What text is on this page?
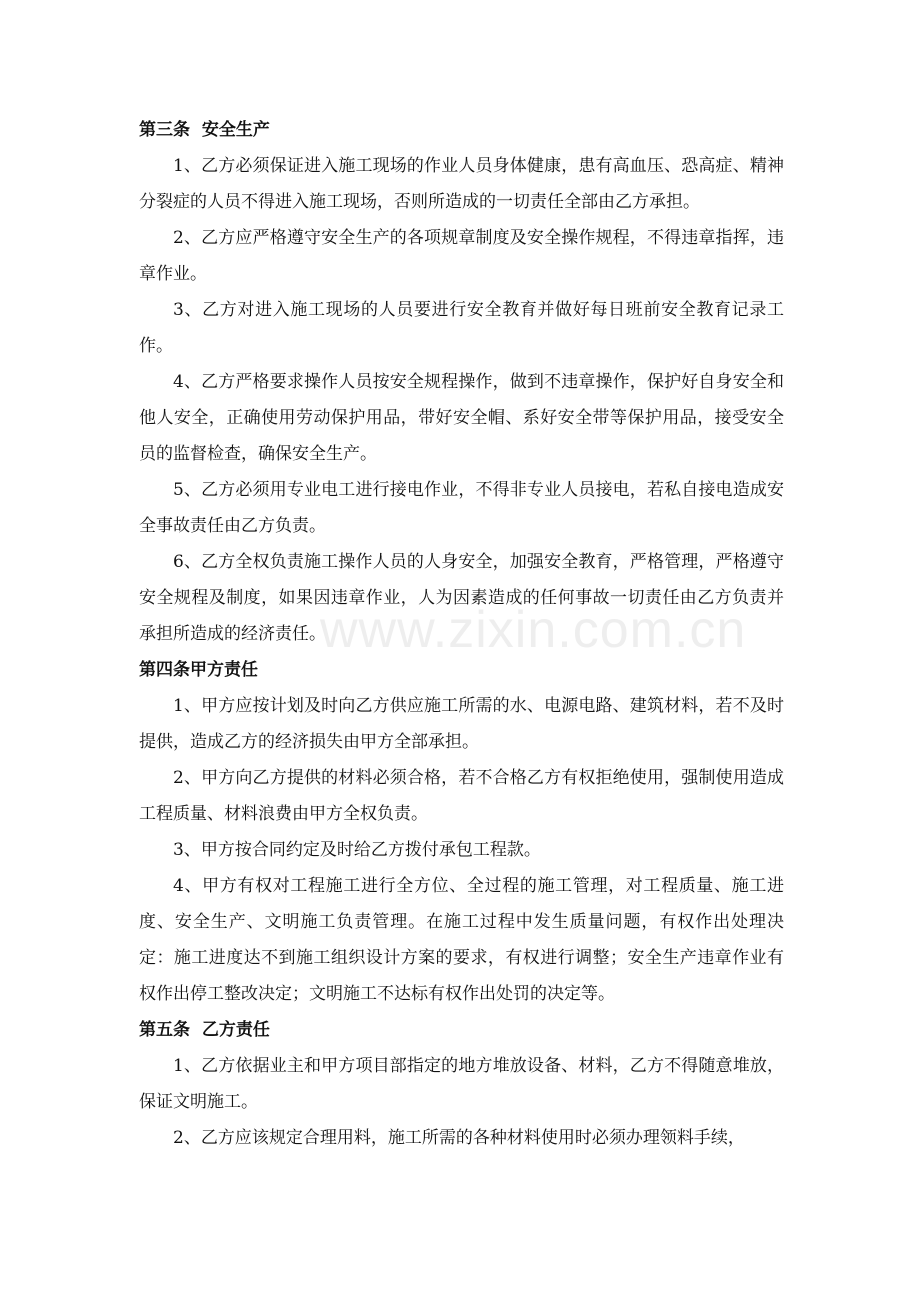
第三条  安全生产

1、乙方必须保证进入施工现场的作业人员身体健康，患有高血压、恐高症、精神分裂症的人员不得进入施工现场，否则所造成的一切责任全部由乙方承担。

2、乙方应严格遵守安全生产的各项规章制度及安全操作规程，不得违章指挥，违章作业。

3、乙方对进入施工现场的人员要进行安全教育并做好每日班前安全教育记录工作。

4、乙方严格要求操作人员按安全规程操作，做到不违章操作，保护好自身安全和他人安全，正确使用劳动保护用品，带好安全帽、系好安全带等保护用品，接受安全员的监督检查，确保安全生产。

5、乙方必须用专业电工进行接电作业，不得非专业人员接电，若私自接电造成安全事故责任由乙方负责。

6、乙方全权负责施工操作人员的人身安全，加强安全教育，严格管理，严格遵守安全规程及制度，如果因违章作业，人为因素造成的任何事故一切责任由乙方负责并承担所造成的经济责任。

第四条甲方责任

1、甲方应按计划及时向乙方供应施工所需的水、电源电路、建筑材料，若不及时提供，造成乙方的经济损失由甲方全部承担。

2、甲方向乙方提供的材料必须合格，若不合格乙方有权拒绝使用，强制使用造成工程质量、材料浪费由甲方全权负责。

3、甲方按合同约定及时给乙方拨付承包工程款。

4、甲方有权对工程施工进行全方位、全过程的施工管理，对工程质量、施工进度、安全生产、文明施工负责管理。在施工过程中发生质量问题，有权作出处理决定：施工进度达不到施工组织设计方案的要求，有权进行调整；安全生产违章作业有权作出停工整改决定；文明施工不达标有权作出处罚的决定等。

第五条  乙方责任

1、乙方依据业主和甲方项目部指定的地方堆放设备、材料，乙方不得随意堆放，保证文明施工。

2、乙方应该规定合理用料，施工所需的各种材料使用时必须办理领料手续，

www.zixin.com.cn
